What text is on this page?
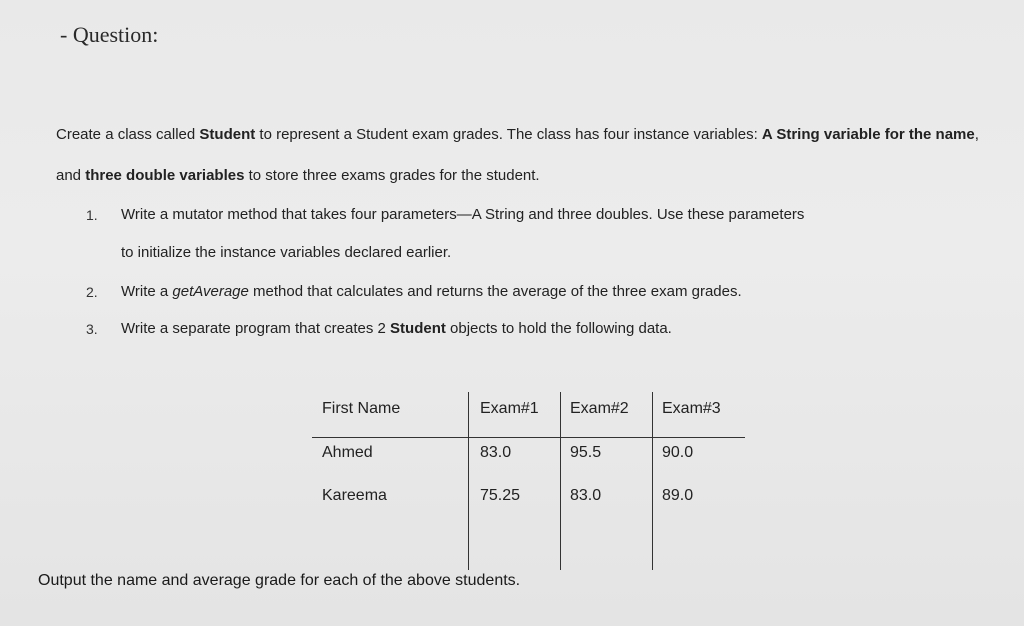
- Question:
Create a class called Student to represent a Student exam grades. The class has four instance variables: A String variable for the name, and three double variables to store three exams grades for the student.
1. Write a mutator method that takes four parameters—A String and three doubles. Use these parameters
to initialize the instance variables declared earlier.
2. Write a getAverage method that calculates and returns the average of the three exam grades.
3. Write a separate program that creates 2 Student objects to hold the following data.
First Name	Exam#1 Exam#2 Exam#3
Ahmed	83.0	95.5	90.0
Kareema	75.25	83.0	89.0
Output the name and average grade for each of the above students.
